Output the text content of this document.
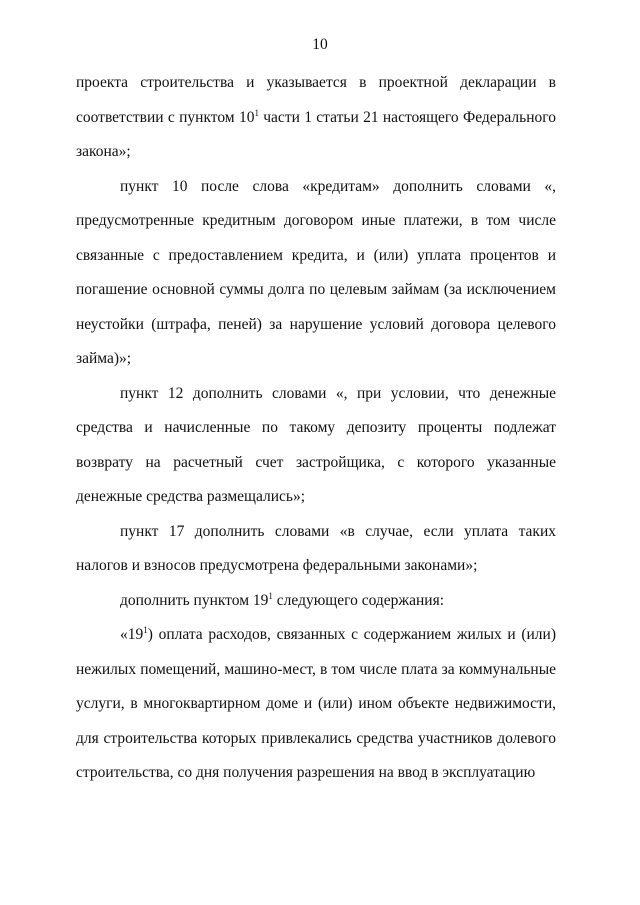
10

проекта строительства и указывается в проектной декларации в соответствии с пунктом $10^1$ части 1 статьи 21 настоящего Федерального закона»;

пункт 10 после слова «кредитам» дополнить словами «, предусмотренные кредитным договором иные платежи, в том числе связанные с предоставлением кредита, и (или) уплата процентов и погашение основной суммы долга по целевым займам (за исключением неустойки (штрафа, пеней) за нарушение условий договора целевого займа)»;

пункт 12 дополнить словами «, при условии, что денежные средства и начисленные по такому депозиту проценты подлежат возврату на расчетный счет застройщика, с которого указанные денежные средства размещались»;

пункт 17 дополнить словами «в случае, если уплата таких налогов и взносов предусмотрена федеральными законами»;

дополнить пунктом $19^1$ следующего содержания:

«$19^1$) оплата расходов, связанных с содержанием жилых и (или) нежилых помещений, машино-мест, в том числе плата за коммунальные услуги, в многоквартирном доме и (или) ином объекте недвижимости, для строительства которых привлекались средства участников долевого строительства, со дня получения разрешения на ввод в эксплуатацию
